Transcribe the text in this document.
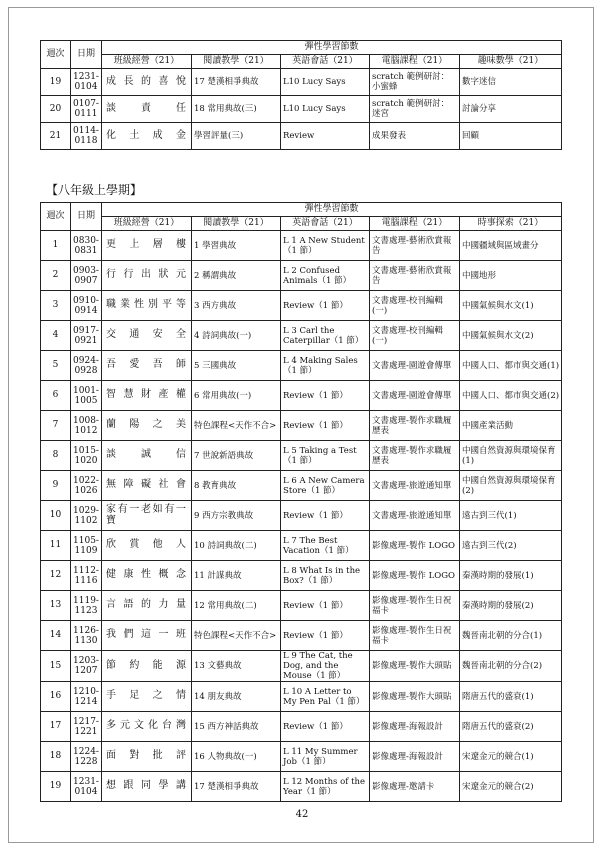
週次	日期	彈性學習節數				
		班級經營（21）	閱讀教學（21）	英語會話（21）	電腦課程（21）	趣味數學（21）
19	1231-0104	成長的喜悅	17 楚漢相爭典故	L10 Lucy Says	scratch 範例研討：小蜜蜂	數字迷信
20	0107-0111	談責任	18 常用典故(三)	L10 Lucy Says	scratch 範例研討：迷宮	討論分享
21	0114-0118	化土成金	學習評量(三)	Review	成果發表	回顧
【八年級上學期】
週次	日期	彈性學習節數				
		班級經營（21）	閱讀教學（21）	英語會話（21）	電腦課程（21）	時事探索（21）
1	0830-0831	更上層樓	1 學習典故	L 1 A New Student（1 節）	文書處理-藝術欣賞報告	中國疆域與區域畫分
2	0903-0907	行行出狀元	2 稱謂典故	L 2 Confused Animals（1 節）	文書處理-藝術欣賞報告	中國地形
3	0910-0914	職業性別平等	3 西方典故	Review（1 節）	文書處理-校刊編輯(一)	中國氣候與水文(1)
4	0917-0921	交通安全	4 詩詞典故(一)	L 3 Carl the Caterpillar（1 節）	文書處理-校刊編輯(一)	中國氣候與水文(2)
5	0924-0928	吾愛吾師	5 三國典故	L 4 Making Sales（1 節）	文書處理-園遊會傳單	中國人口、都市與交通(1)
6	1001-1005	智慧財產權	6 常用典故(一)	Review（1 節）	文書處理-園遊會傳單	中國人口、都市與交通(2)
7	1008-1012	蘭陽之美	特色課程<天作不合>	Review（1 節）	文書處理-製作求職履歷表	中國產業活動
8	1015-1020	談誠信	7 世說新語典故	L 5 Taking a Test（1 節）	文書處理-製作求職履歷表	中國自然資源與環境保育(1)
9	1022-1026	無障礙社會	8 教育典故	L 6 A New Camera Store（1 節）	文書處理-旅遊通知單	中國自然資源與環境保育(2)
10	1029-1102	家有一老如有一寶	9 西方宗教典故	Review（1 節）	文書處理-旅遊通知單	遠古到三代(1)
11	1105-1109	欣賞他人	10 詩詞典故(二)	L 7 The Best Vacation（1 節）	影像處理-製作 LOGO	遠古到三代(2)
12	1112-1116	健康性概念	11 計謀典故	L 8 What Is in the Box?（1 節）	影像處理-製作 LOGO	秦漢時期的發展(1)
13	1119-1123	言語的力量	12 常用典故(二)	Review（1 節）	影像處理-製作生日祝福卡	秦漢時期的發展(2)
14	1126-1130	我們這一班	特色課程<天作不合>	Review（1 節）	影像處理-製作生日祝福卡	魏晉南北朝的分合(1)
15	1203-1207	節約能源	13 文藝典故	L 9 The Cat, the Dog, and the Mouse（1 節）	影像處理-製作大頭貼	魏晉南北朝的分合(2)
16	1210-1214	手足之情	14 朋友典故	L 10 A Letter to My Pen Pal（1 節）	影像處理-製作大頭貼	隋唐五代的盛衰(1)
17	1217-1221	多元文化台灣	15 西方神話典故	Review（1 節）	影像處理-海報設計	隋唐五代的盛衰(2)
18	1224-1228	面對批評	16 人物典故(一)	L 11 My Summer Job（1 節）	影像處理-海報設計	宋遼金元的競合(1)
19	1231-0104	想跟同學講	17 楚漢相爭典故	L 12 Months of the Year（1 節）	影像處理-邀請卡	宋遼金元的競合(2)
42
